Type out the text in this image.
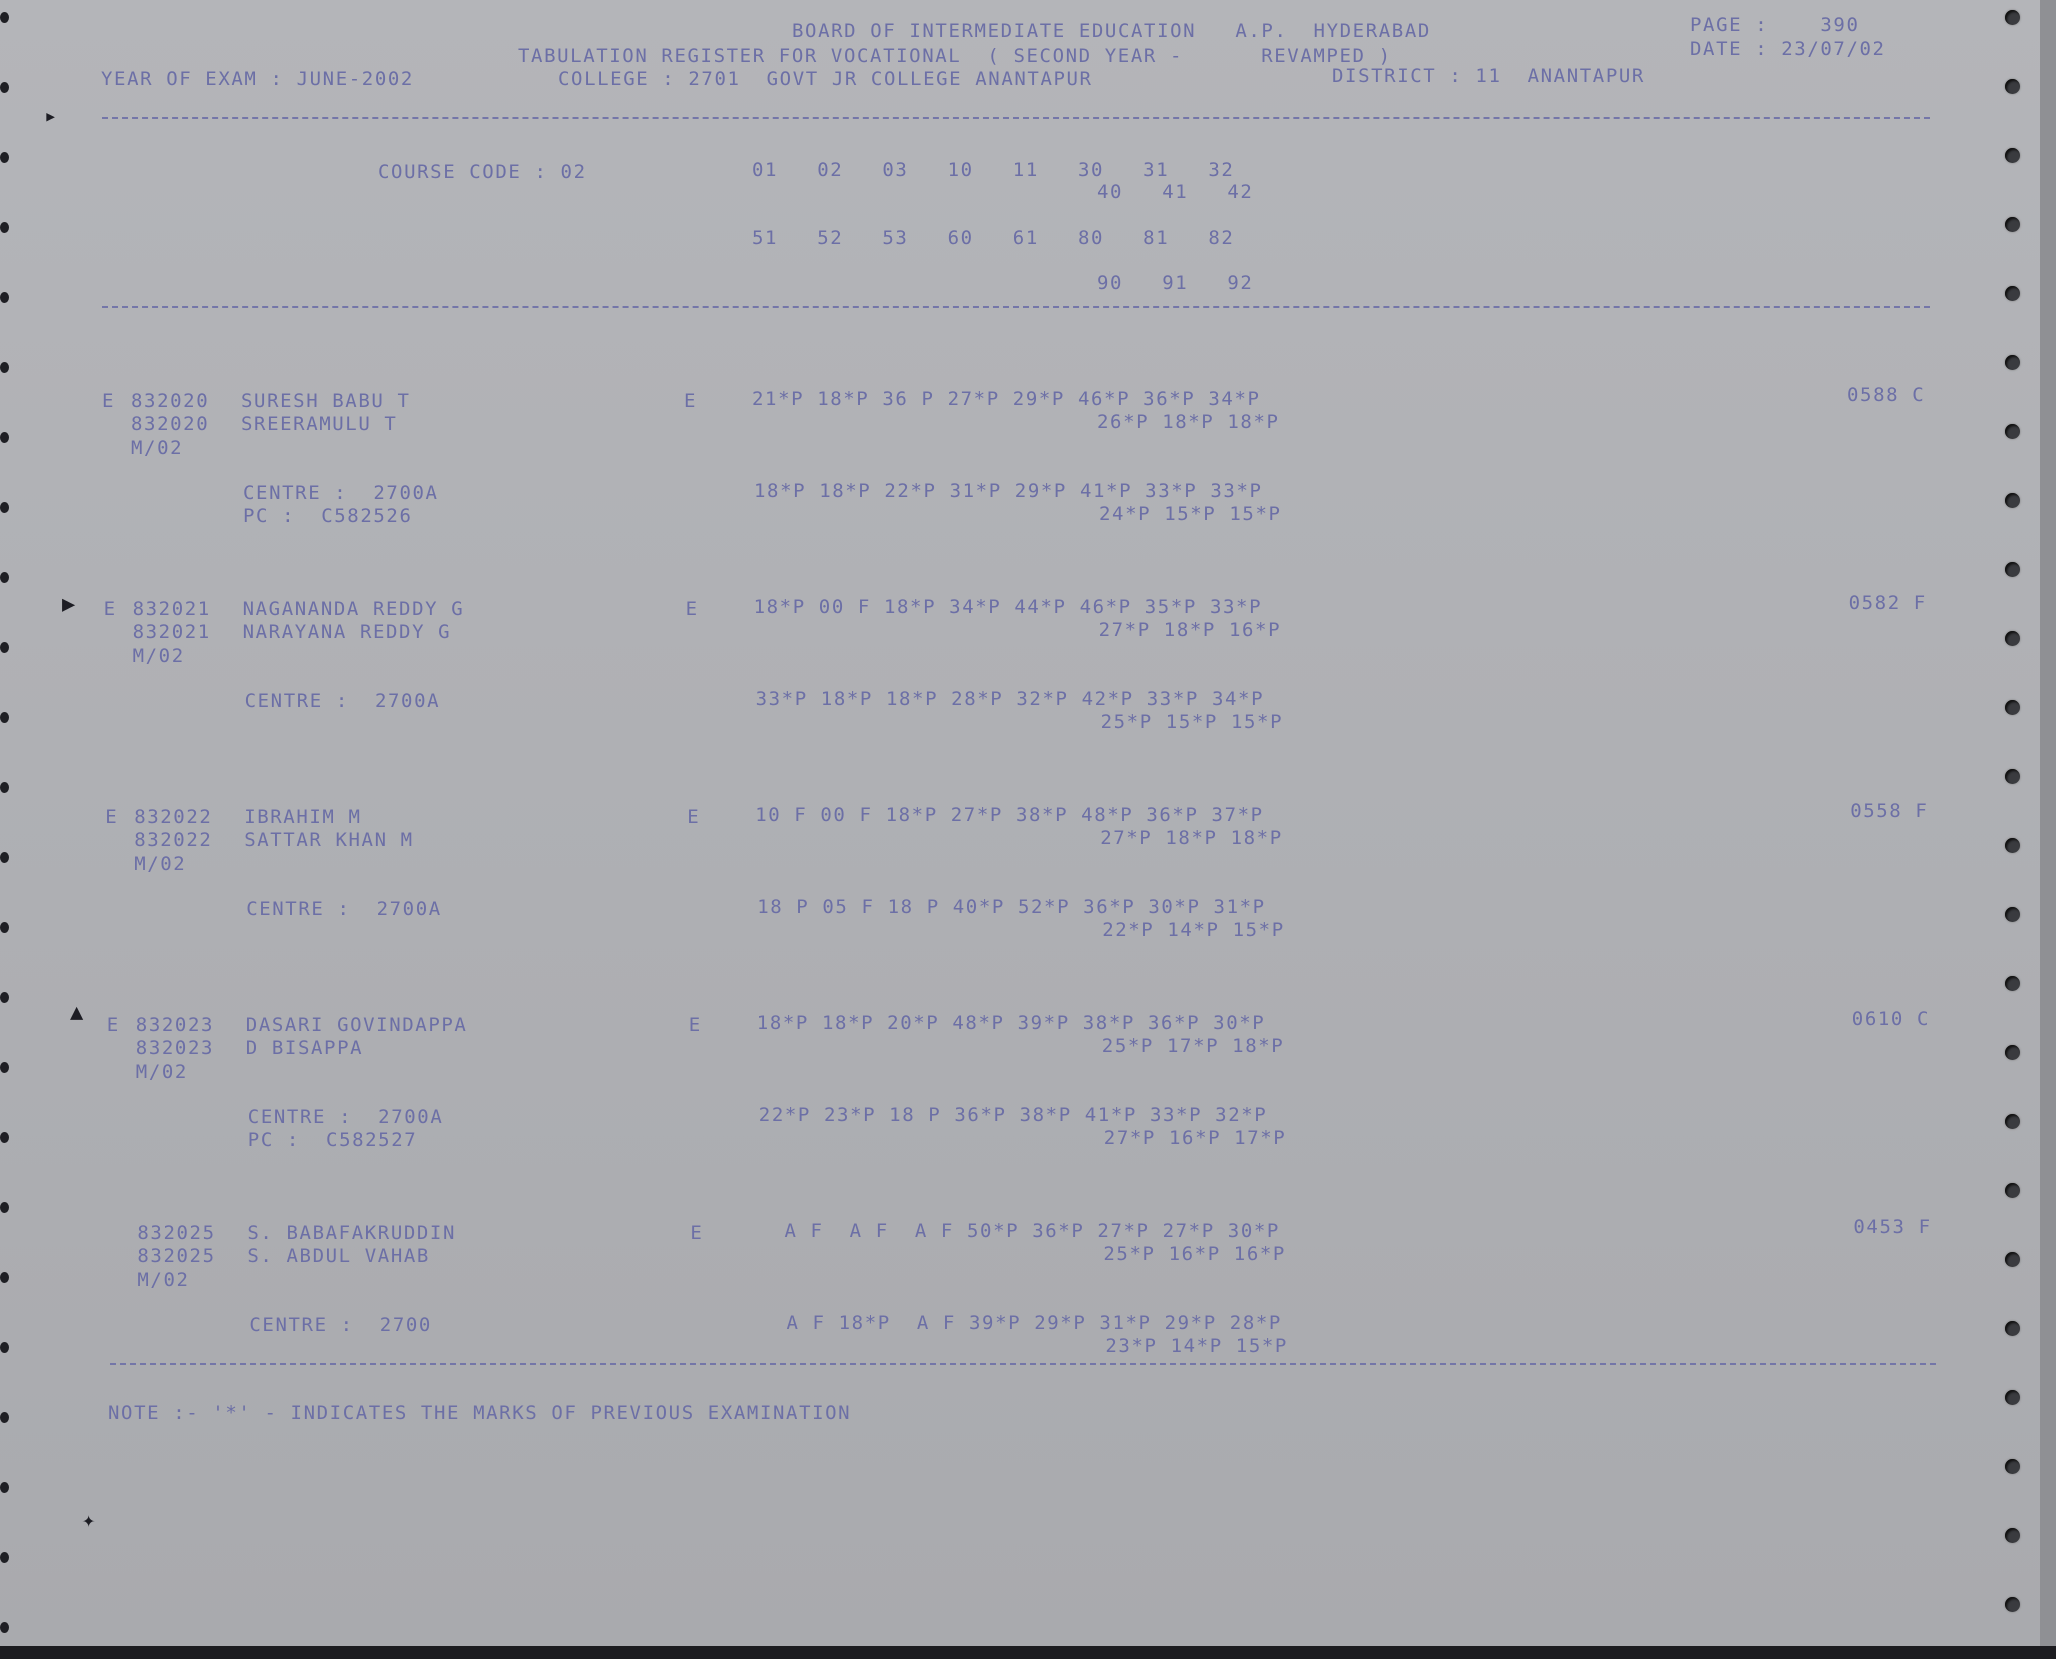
▸
▶
▲
✦
BOARD OF INTERMEDIATE EDUCATION   A.P.  HYDERABAD
TABULATION REGISTER FOR VOCATIONAL  ( SECOND YEAR -      REVAMPED )
YEAR OF EXAM : JUNE-2002	COLLEGE : 2701  GOVT JR COLLEGE ANANTAPUR	DISTRICT : 11  ANANTAPUR
PAGE :    390
DATE : 23/07/02
COURSE CODE : 02	01   02   03   10   11   30   31   32
40   41   42
51   52   53   60   61   80   81   82
90   91   92
E 832020 SURESH BABU T	E	21*P 18*P 36 P 27*P 29*P 46*P 36*P 34*P	0588 C
832020 SREERAMULU T	26*P 18*P 18*P
M/02
CENTRE :  2700A	18*P 18*P 22*P 31*P 29*P 41*P 33*P 33*P
PC :  C582526	24*P 15*P 15*P
E 832021 NAGANANDA REDDY G	E	18*P 00 F 18*P 34*P 44*P 46*P 35*P 33*P	0582 F
832021 NARAYANA REDDY G	27*P 18*P 16*P
M/02
CENTRE :  2700A	33*P 18*P 18*P 28*P 32*P 42*P 33*P 34*P
25*P 15*P 15*P
E 832022 IBRAHIM M	E	10 F 00 F 18*P 27*P 38*P 48*P 36*P 37*P	0558 F
832022 SATTAR KHAN M	27*P 18*P 18*P
M/02
CENTRE :  2700A	18 P 05 F 18 P 40*P 52*P 36*P 30*P 31*P
22*P 14*P 15*P
E 832023 DASARI GOVINDAPPA	E	18*P 18*P 20*P 48*P 39*P 38*P 36*P 30*P	0610 C
832023 D BISAPPA	25*P 17*P 18*P
M/02
CENTRE :  2700A	22*P 23*P 18 P 36*P 38*P 41*P 33*P 32*P
PC :  C582527	27*P 16*P 17*P
832025 S. BABAFAKRUDDIN	E	A F  A F  A F 50*P 36*P 27*P 27*P 30*P	0453 F
832025 S. ABDUL VAHAB	25*P 16*P 16*P
M/02
CENTRE :  2700	A F 18*P  A F 39*P 29*P 31*P 29*P 28*P
23*P 14*P 15*P
NOTE :- '*' - INDICATES THE MARKS OF PREVIOUS EXAMINATION
